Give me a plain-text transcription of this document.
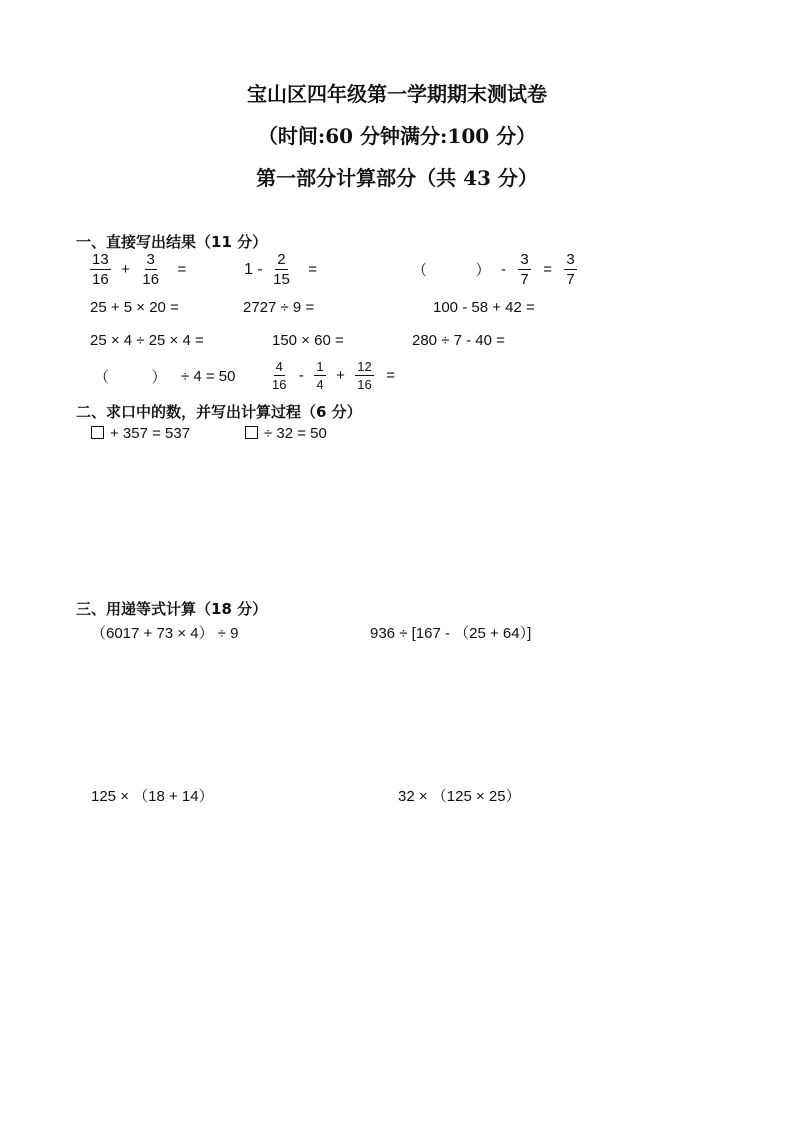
宝山区四年级第一学期期末测试卷
（时间:60 分钟满分:100 分）
第一部分计算部分（共 43 分）
一、直接写出结果（11 分）
$\frac{13}{16} + \frac{3}{16}$ =	$1 - \frac{2}{15}$ =	（	） - $\frac{3}{7} = \frac{3}{7}$
25 + 5 × 20 =	2727 ÷ 9 =	100 - 58 + 42 =
25 × 4 ÷ 25 × 4 =	150 × 60 =	280 ÷ 7 - 40 =
（	） ÷ 4 = 50	$\frac{4}{16} - \frac{1}{4} + \frac{12}{16}$ =
二、求口中的数，并写出计算过程（6 分）
+ 357 = 537	÷ 32 = 50
三、用递等式计算（18 分）
（6017 + 73 × 4） ÷ 9	936 ÷ [167 - （25 + 64）]
125 × （18 + 14）	32 × （125 × 25）
